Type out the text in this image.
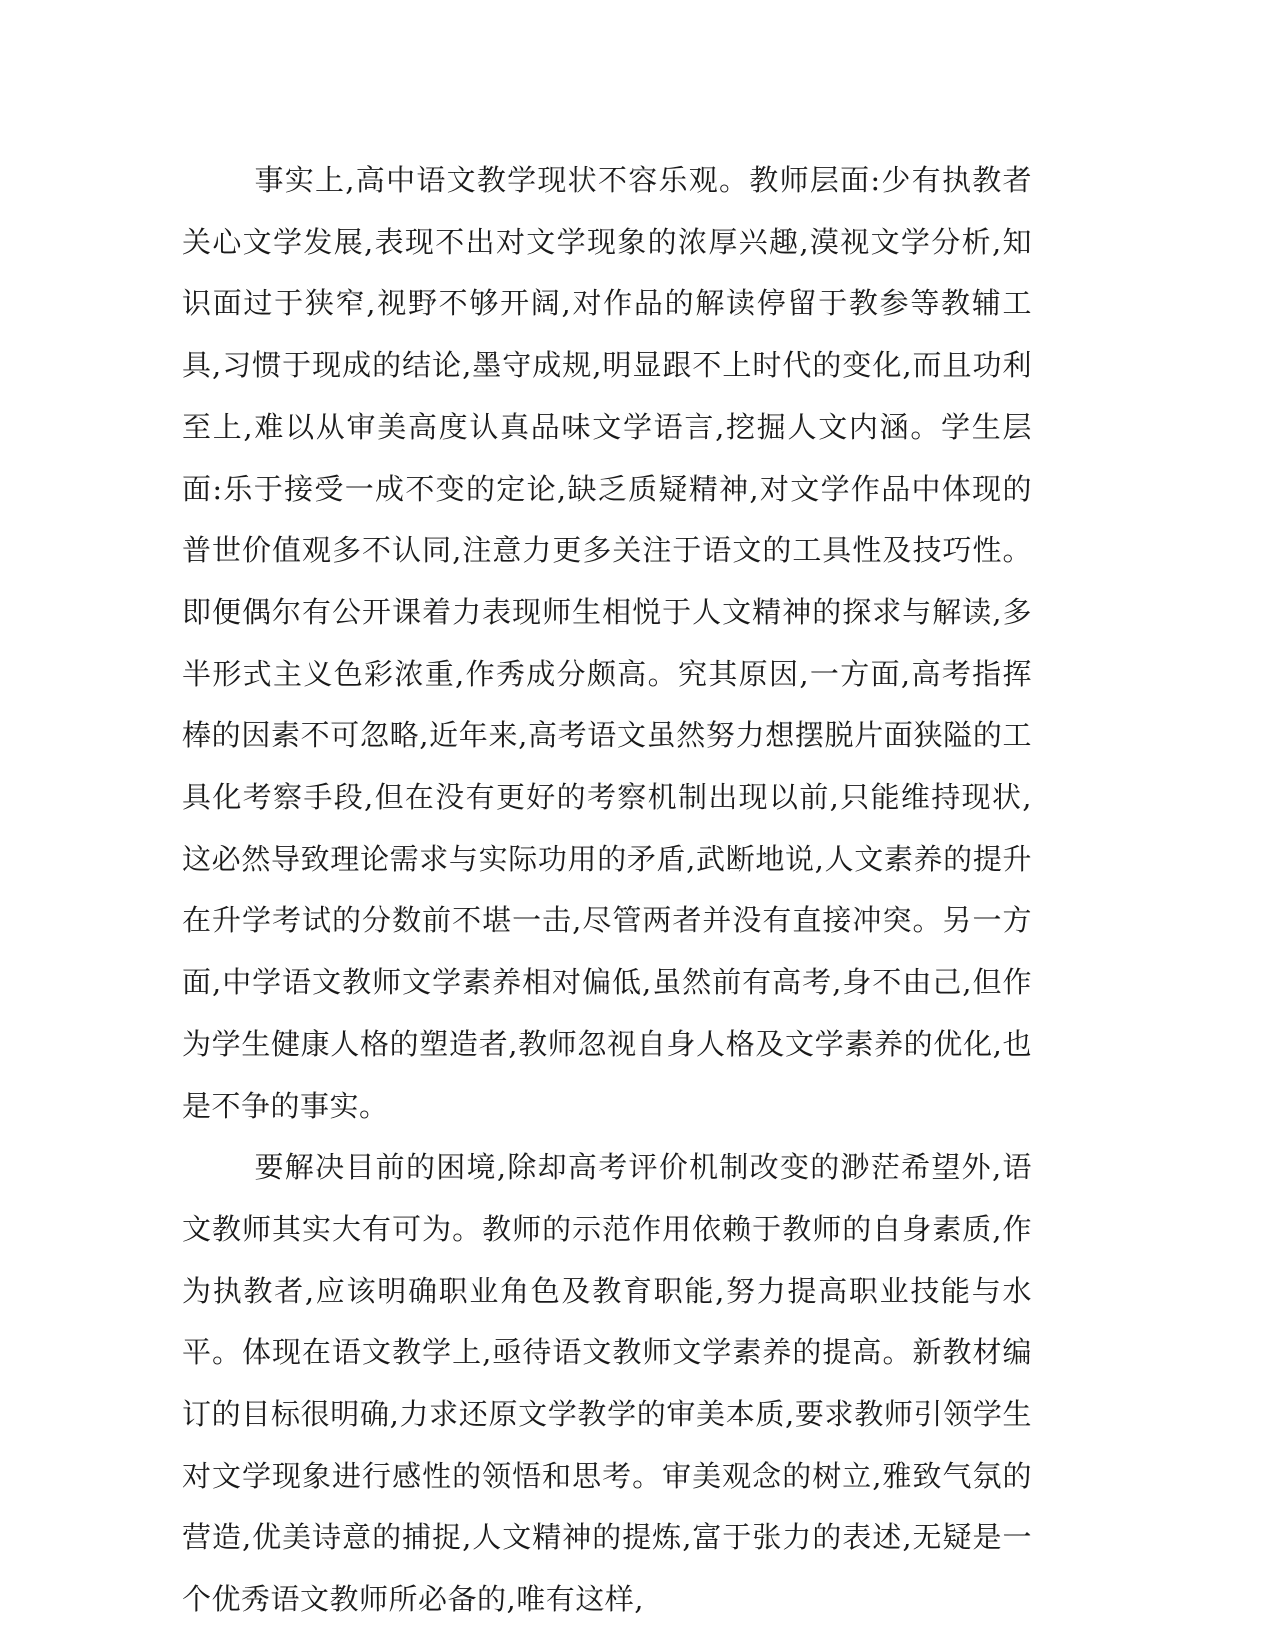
事实上,高中语文教学现状不容乐观。教师层面:少有执教者关心文学发展,表现不出对文学现象的浓厚兴趣,漠视文学分析,知识面过于狭窄,视野不够开阔,对作品的解读停留于教参等教辅工具,习惯于现成的结论,墨守成规,明显跟不上时代的变化,而且功利至上,难以从审美高度认真品味文学语言,挖掘人文内涵。学生层面:乐于接受一成不变的定论,缺乏质疑精神,对文学作品中体现的普世价值观多不认同,注意力更多关注于语文的工具性及技巧性。即便偶尔有公开课着力表现师生相悦于人文精神的探求与解读,多半形式主义色彩浓重,作秀成分颇高。究其原因,一方面,高考指挥棒的因素不可忽略,近年来,高考语文虽然努力想摆脱片面狭隘的工具化考察手段,但在没有更好的考察机制出现以前,只能维持现状,这必然导致理论需求与实际功用的矛盾,武断地说,人文素养的提升在升学考试的分数前不堪一击,尽管两者并没有直接冲突。另一方面,中学语文教师文学素养相对偏低,虽然前有高考,身不由己,但作为学生健康人格的塑造者,教师忽视自身人格及文学素养的优化,也是不争的事实。

要解决目前的困境,除却高考评价机制改变的渺茫希望外,语文教师其实大有可为。教师的示范作用依赖于教师的自身素质,作为执教者,应该明确职业角色及教育职能,努力提高职业技能与水平。体现在语文教学上,亟待语文教师文学素养的提高。新教材编订的目标很明确,力求还原文学教学的审美本质,要求教师引领学生对文学现象进行感性的领悟和思考。审美观念的树立,雅致气氛的营造,优美诗意的捕捉,人文精神的提炼,富于张力的表述,无疑是一个优秀语文教师所必备的,唯有这样,
